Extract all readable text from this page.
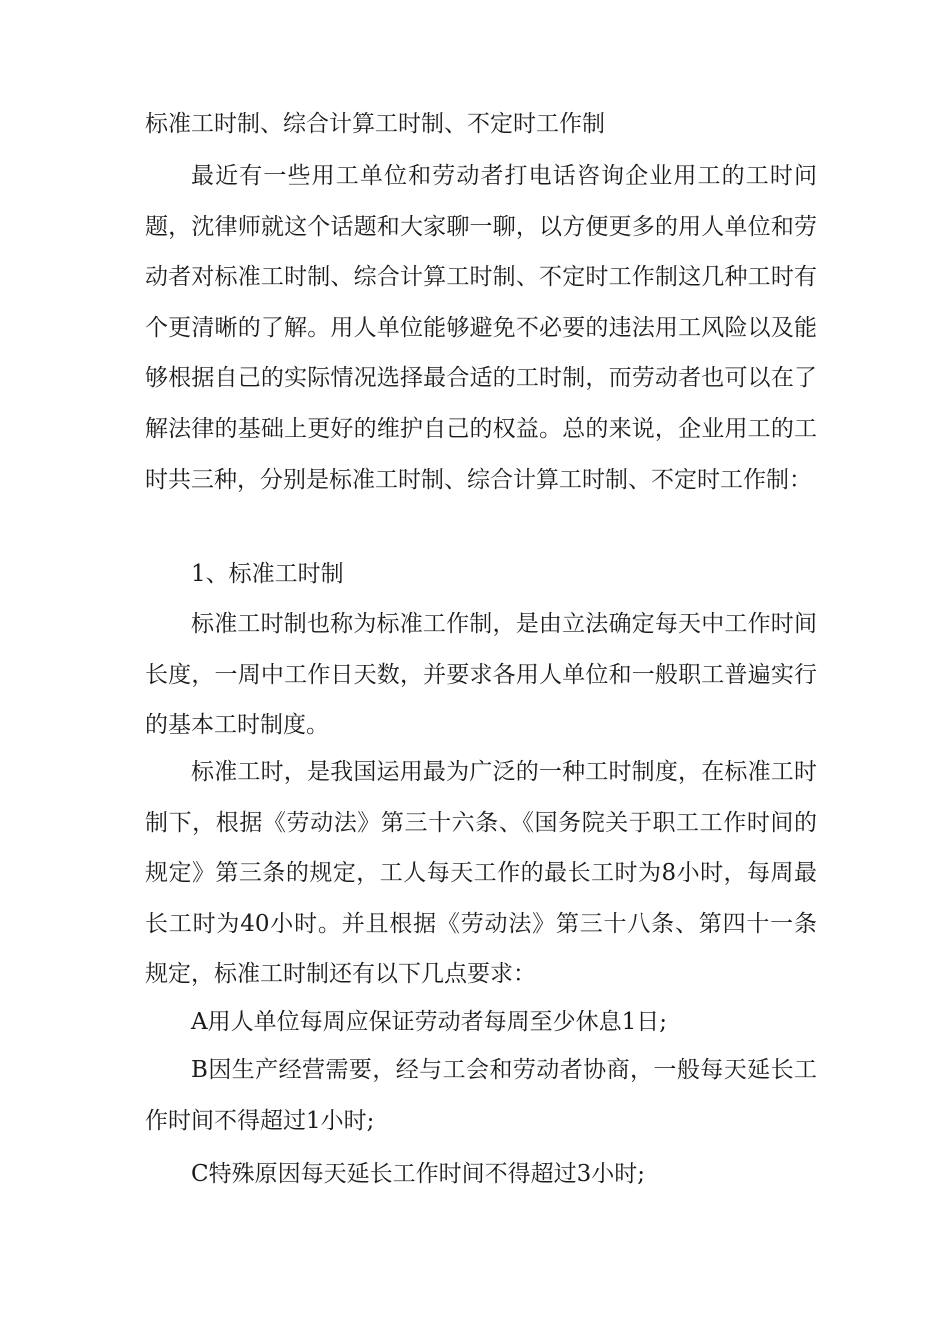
标准工时制、综合计算工时制、不定时工作制

最近有一些用工单位和劳动者打电话咨询企业用工的工时问题，沈律师就这个话题和大家聊一聊，以方便更多的用人单位和劳动者对标准工时制、综合计算工时制、不定时工作制这几种工时有个更清晰的了解。用人单位能够避免不必要的违法用工风险以及能够根据自己的实际情况选择最合适的工时制，而劳动者也可以在了解法律的基础上更好的维护自己的权益。总的来说，企业用工的工时共三种，分别是标准工时制、综合计算工时制、不定时工作制：

1、标准工时制

标准工时制也称为标准工作制，是由立法确定每天中工作时间长度，一周中工作日天数，并要求各用人单位和一般职工普遍实行的基本工时制度。

标准工时，是我国运用最为广泛的一种工时制度，在标准工时制下，根据《劳动法》第三十六条、《国务院关于职工工作时间的规定》第三条的规定，工人每天工作的最长工时为8小时，每周最长工时为40小时。并且根据《劳动法》第三十八条、第四十一条规定，标准工时制还有以下几点要求：

A用人单位每周应保证劳动者每周至少休息1日;

B因生产经营需要，经与工会和劳动者协商，一般每天延长工作时间不得超过1小时;

C特殊原因每天延长工作时间不得超过3小时;
